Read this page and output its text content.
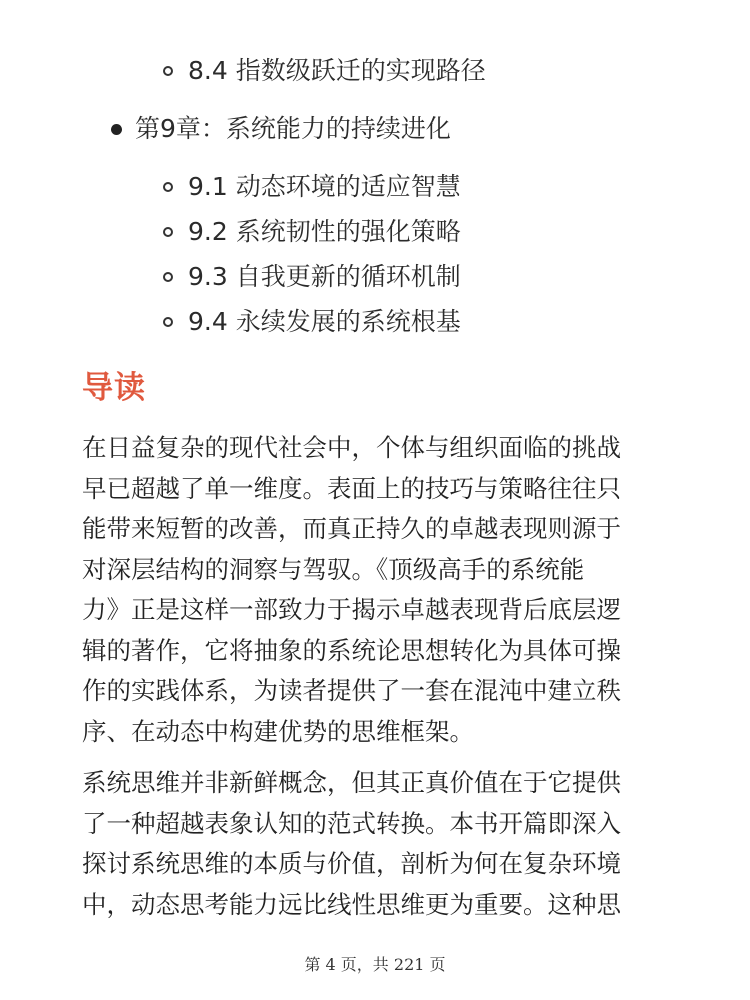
8.4 指数级跃迁的实现路径
第9章：系统能力的持续进化
9.1 动态环境的适应智慧
9.2 系统韧性的强化策略
9.3 自我更新的循环机制
9.4 永续发展的系统根基
导读
在日益复杂的现代社会中，个体与组织面临的挑战
早已超越了单一维度。表面上的技巧与策略往往只
能带来短暂的改善，而真正持久的卓越表现则源于
对深层结构的洞察与驾驭。《顶级高手的系统能
力》正是这样一部致力于揭示卓越表现背后底层逻
辑的著作，它将抽象的系统论思想转化为具体可操
作的实践体系，为读者提供了一套在混沌中建立秩
序、在动态中构建优势的思维框架。
系统思维并非新鲜概念，但其正真价值在于它提供
了一种超越表象认知的范式转换。本书开篇即深入
探讨系统思维的本质与价值，剖析为何在复杂环境
中，动态思考能力远比线性思维更为重要。这种思
第 4 页，共 221 页
